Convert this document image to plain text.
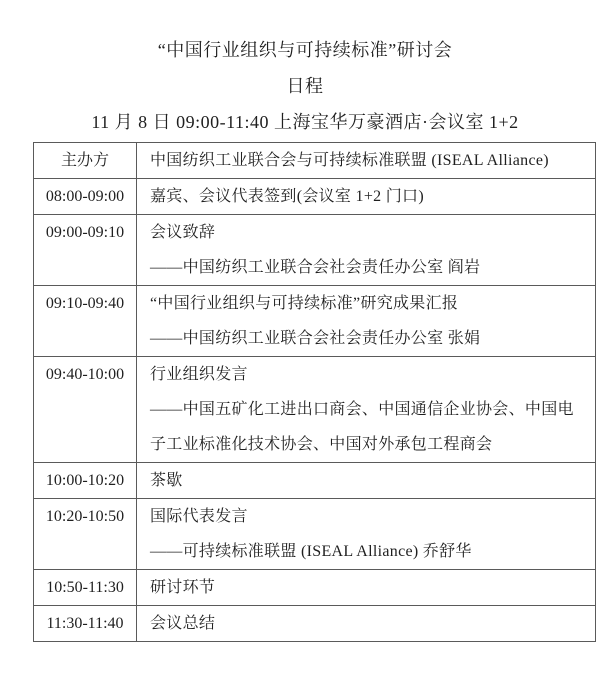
“中国行业组织与可持续标准”研讨会
日程
11 月 8 日 09:00-11:40 上海宝华万豪酒店·会议室 1+2
主办方	中国纺织工业联合会与可持续标准联盟 (ISEAL Alliance)

08:00-09:00	嘉宾、会议代表签到(会议室 1+2 门口)

09:00-09:10	会议致辞
——中国纺织工业联合会社会责任办公室 阎岩

09:10-09:40	“中国行业组织与可持续标准”研究成果汇报
——中国纺织工业联合会社会责任办公室 张娟

09:40-10:00	行业组织发言
——中国五矿化工进出口商会、中国通信企业协会、中国电子工业标准化技术协会、中国对外承包工程商会

10:00-10:20	茶歇

10:20-10:50	国际代表发言
——可持续标准联盟 (ISEAL Alliance) 乔舒华

10:50-11:30	研讨环节

11:30-11:40	会议总结
